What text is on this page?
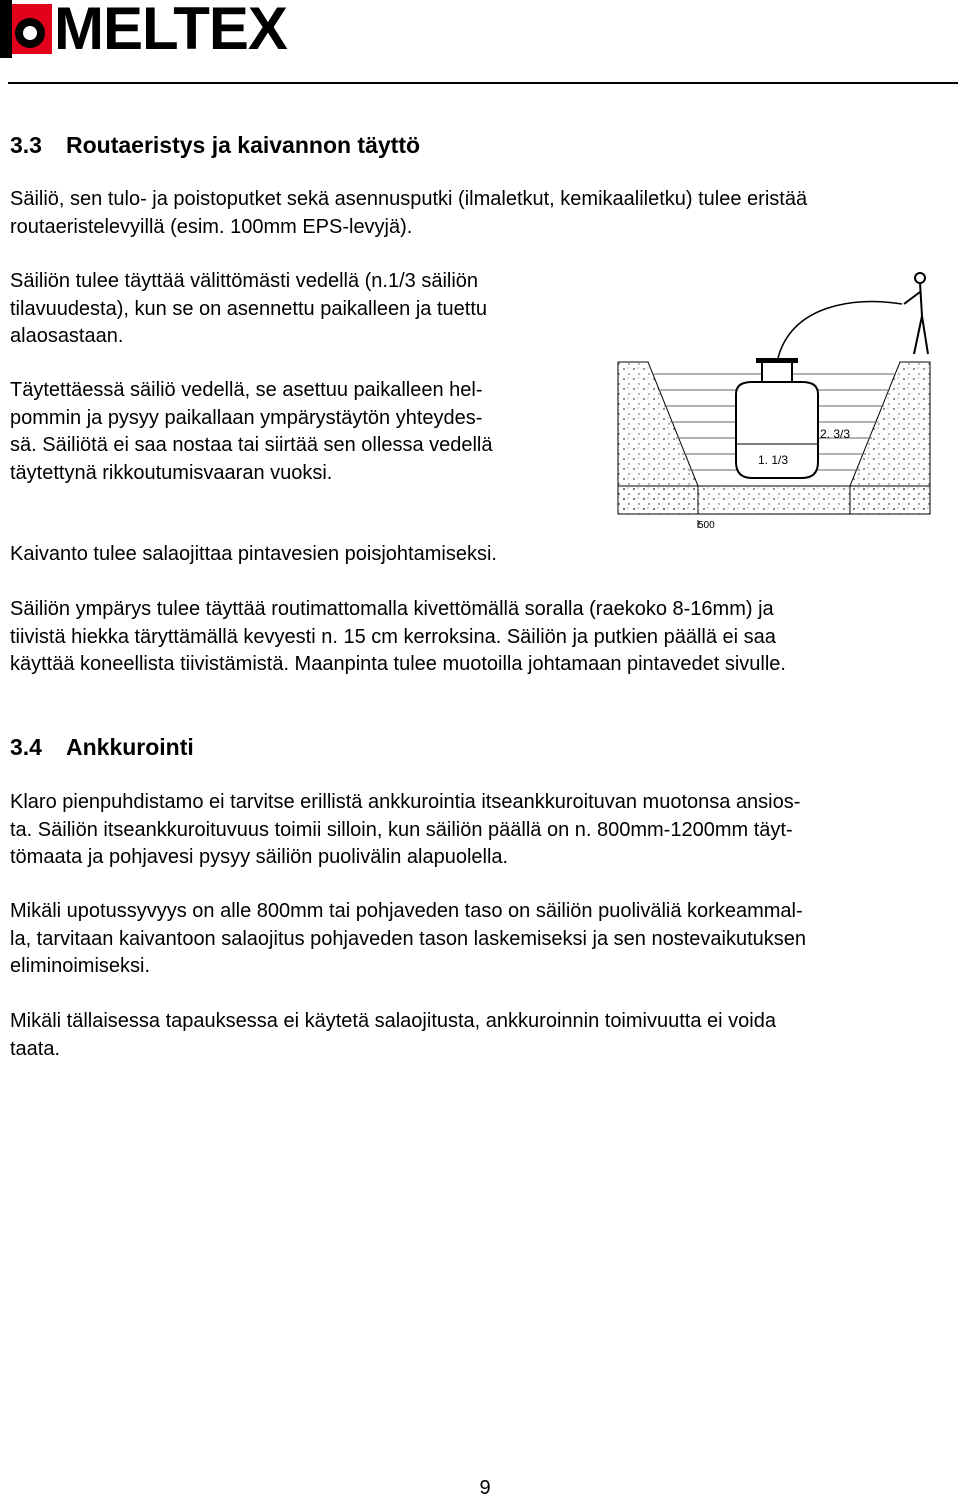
MELTEX
3.3 Routaeristys ja kaivannon täyttö

Säiliö, sen tulo- ja poistoputket sekä asennusputki (ilmaletkut, kemikaaliletku) tulee eristää
routaeristelevyillä (esim. 100mm EPS-levyjä).

Säiliön tulee täyttää välittömästi vedellä (n.1/3 säiliön
tilavuudesta), kun se on asennettu paikalleen ja tuettu
alaosastaan.

Täytettäessä säiliö vedellä, se asettuu paikalleen hel-
pommin ja pysyy paikallaan ympärystäytön yhteydes-
sä. Säiliötä ei saa nostaa tai siirtää sen ollessa vedellä
täytettynä rikkoutumisvaaran vuoksi.

2. 3/3
1. 1/3
500

Kaivanto tulee salaojittaa pintavesien poisjohtamiseksi.

Säiliön ympärys tulee täyttää routimattomalla kivettömällä soralla (raekoko 8-16mm) ja
tiivistä hiekka täryttämällä kevyesti n. 15 cm kerroksina. Säiliön ja putkien päällä ei saa
käyttää koneellista tiivistämistä. Maanpinta tulee muotoilla johtamaan pintavedet sivulle.

3.4 Ankkurointi

Klaro pienpuhdistamo ei tarvitse erillistä ankkurointia itseankkuroituvan muotonsa ansios-
ta. Säiliön itseankkuroituvuus toimii silloin, kun säiliön päällä on n. 800mm-1200mm täyt-
tömaata ja pohjavesi pysyy säiliön puolivälin alapuolella.

Mikäli upotussyvyys on alle 800mm tai pohjaveden taso on säiliön puoliväliä korkeammal-
la, tarvitaan kaivantoon salaojitus pohjaveden tason laskemiseksi ja sen nostevaikutuksen
eliminoimiseksi.

Mikäli tällaisessa tapauksessa ei käytetä salaojitusta, ankkuroinnin toimivuutta ei voida
taata.

9
